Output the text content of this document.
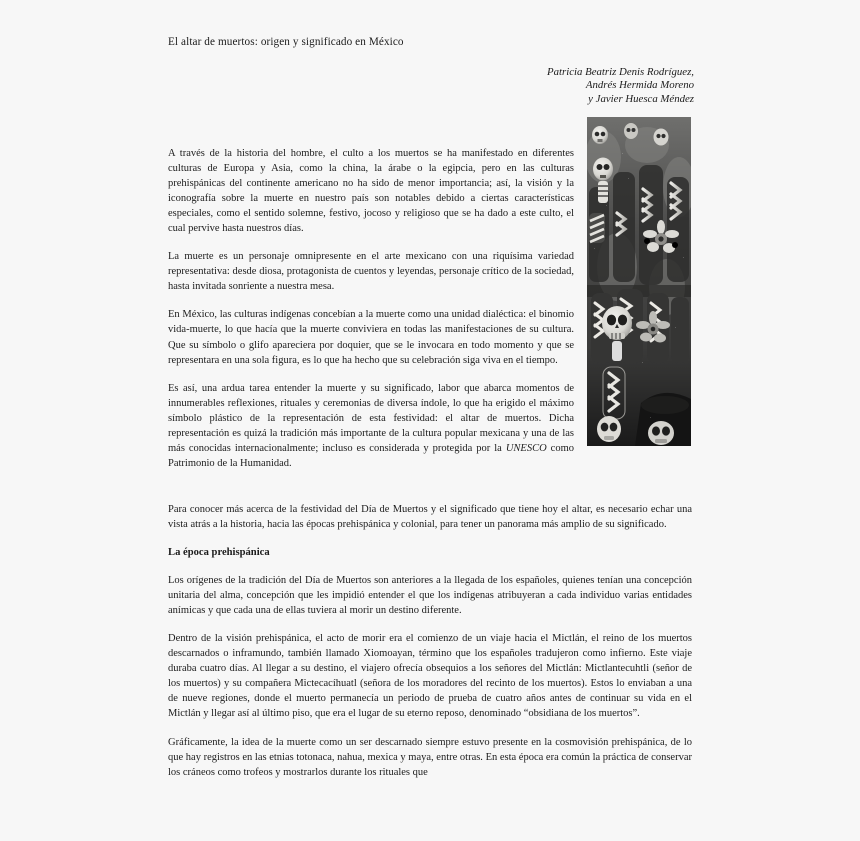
El altar de muertos: origen y significado en México
Patricia Beatriz Denis Rodríguez,
Andrés Hermida Moreno
y Javier Huesca Méndez

A través de la historia del hombre, el culto a los muertos se ha manifestado en diferentes culturas de Europa y Asia, como la china, la árabe o la egipcia, pero en las culturas prehispánicas del continente americano no ha sido de menor importancia; así, la visión y la iconografía sobre la muerte en nuestro país son notables debido a ciertas características especiales, como el sentido solemne, festivo, jocoso y religioso que se ha dado a este culto, el cual pervive hasta nuestros días.

La muerte es un personaje omnipresente en el arte mexicano con una riquísima variedad representativa: desde diosa, protagonista de cuentos y leyendas, personaje crítico de la sociedad, hasta invitada sonriente a nuestra mesa.

En México, las culturas indígenas concebían a la muerte como una unidad dialéctica: el binomio vida-muerte, lo que hacía que la muerte conviviera en todas las manifestaciones de su cultura. Que su símbolo o glifo apareciera por doquier, que se le invocara en todo momento y que se representara en una sola figura, es lo que ha hecho que su celebración siga viva en el tiempo.

Es así, una ardua tarea entender la muerte y su significado, labor que abarca momentos de innumerables reflexiones, rituales y ceremonias de diversa índole, lo que ha erigido el máximo símbolo plástico de la representación de esta festividad: el altar de muertos. Dicha representación es quizá la tradición más importante de la cultura popular mexicana y una de las más conocidas internacionalmente; incluso es considerada y protegida por la UNESCO como Patrimonio de la Humanidad.

Para conocer más acerca de la festividad del Día de Muertos y el significado que tiene hoy el altar, es necesario echar una vista atrás a la historia, hacia las épocas prehispánica y colonial, para tener un panorama más amplio de su significado.

La época prehispánica

Los orígenes de la tradición del Día de Muertos son anteriores a la llegada de los españoles, quienes tenían una concepción unitaria del alma, concepción que les impidió entender el que los indígenas atribuyeran a cada individuo varias entidades anímicas y que cada una de ellas tuviera al morir un destino diferente.

Dentro de la visión prehispánica, el acto de morir era el comienzo de un viaje hacia el Mictlán, el reino de los muertos descarnados o inframundo, también llamado Xiomoayan, término que los españoles tradujeron como infierno. Este viaje duraba cuatro días. Al llegar a su destino, el viajero ofrecía obsequios a los señores del Mictlán: Mictlantecuhtli (señor de los muertos) y su compañera Mictecacíhuatl (señora de los moradores del recinto de los muertos). Estos lo enviaban a una de nueve regiones, donde el muerto permanecía un periodo de prueba de cuatro años antes de continuar su vida en el Mictlán y llegar así al último piso, que era el lugar de su eterno reposo, denominado “obsidiana de los muertos”.

Gráficamente, la idea de la muerte como un ser descarnado siempre estuvo presente en la cosmovisión prehispánica, de lo que hay registros en las etnias totonaca, nahua, mexica y maya, entre otras. En esta época era común la práctica de conservar los cráneos como trofeos y mostrarlos durante los rituales que
